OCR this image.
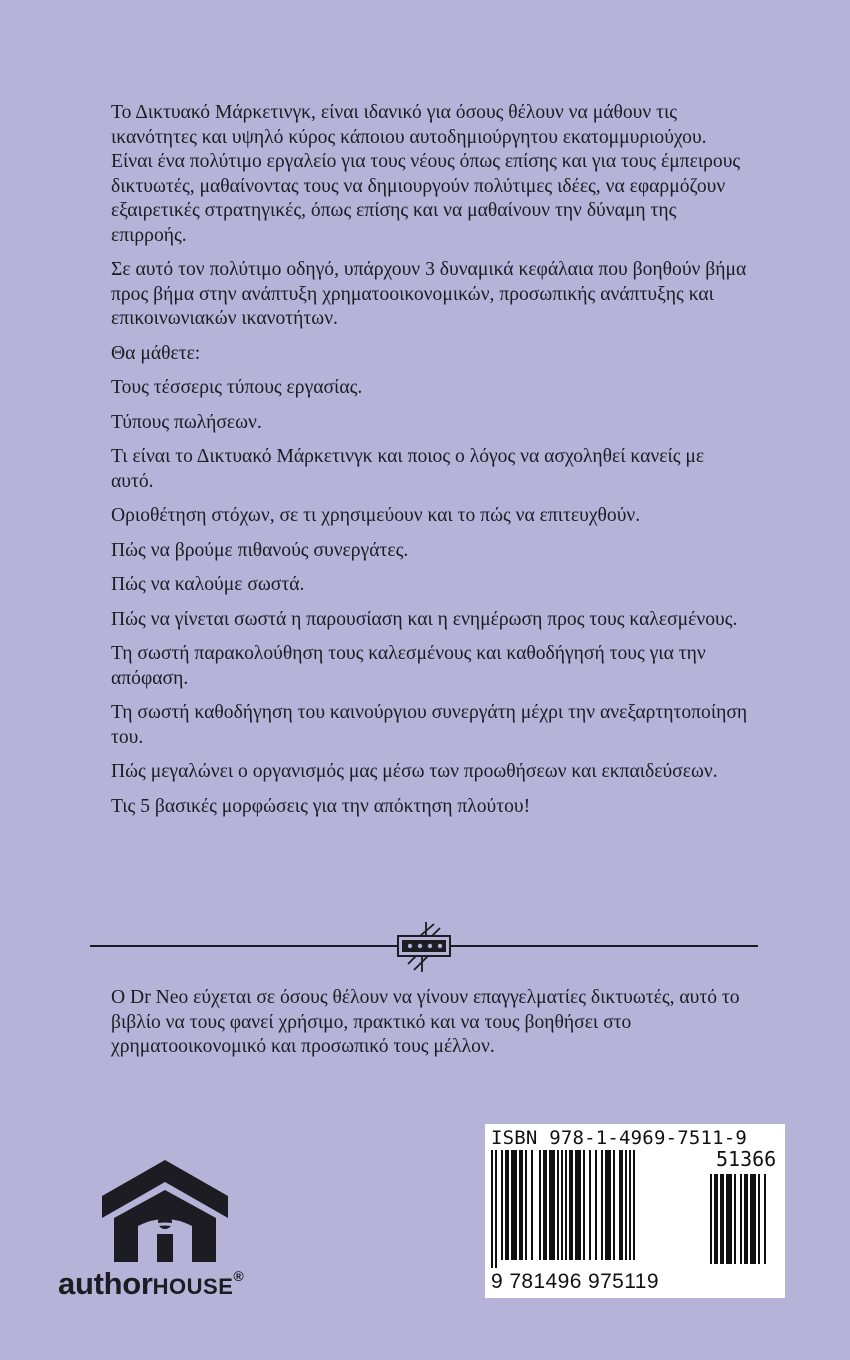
Το Δικτυακό Μάρκετινγκ, είναι ιδανικό για όσους θέλουν να μάθουν τις ικανότητες και υψηλό κύρος κάποιου αυτοδημιούργητου εκατομμυριούχου. Είναι ένα πολύτιμο εργαλείο για τους νέους όπως επίσης και για τους έμπειρους δικτυωτές, μαθαίνοντας τους να δημιουργούν πολύτιμες ιδέες, να εφαρμόζουν εξαιρετικές στρατηγικές, όπως επίσης και να μαθαίνουν την δύναμη της επιρροής.

Σε αυτό τον πολύτιμο οδηγό, υπάρχουν 3 δυναμικά κεφάλαια που βοηθούν βήμα προς βήμα στην ανάπτυξη χρηματοοικονομικών, προσωπικής ανάπτυξης και επικοινωνιακών ικανοτήτων.

Θα μάθετε:

Τους τέσσερις τύπους εργασίας.

Τύπους πωλήσεων.

Τι είναι το Δικτυακό Μάρκετινγκ και ποιος ο λόγος να ασχοληθεί κανείς με αυτό.

Οριοθέτηση στόχων, σε τι χρησιμεύουν και το πώς να επιτευχθούν.

Πώς να βρούμε πιθανούς συνεργάτες.

Πώς να καλούμε σωστά.

Πώς να γίνεται σωστά η παρουσίαση και η ενημέρωση προς τους καλεσμένους.

Τη σωστή παρακολούθηση τους καλεσμένους και καθοδήγησή τους για την απόφαση.

Τη σωστή καθοδήγηση του καινούργιου συνεργάτη μέχρι την ανεξαρτητοποίηση του.

Πώς μεγαλώνει ο οργανισμός μας μέσω των προωθήσεων και εκπαιδεύσεων.

Τις 5 βασικές μορφώσεις για την απόκτηση πλούτου!

Ο Dr Neo εύχεται σε όσους θέλουν να γίνουν επαγγελματίες δικτυωτές, αυτό το βιβλίο να τους φανεί χρήσιμο, πρακτικό και να τους βοηθήσει στο χρηματοοικονομικό και προσωπικό τους μέλλον.

authorHOUSE®
ISBN 978-1-4969-7511-9
51366
9 781496 975119
